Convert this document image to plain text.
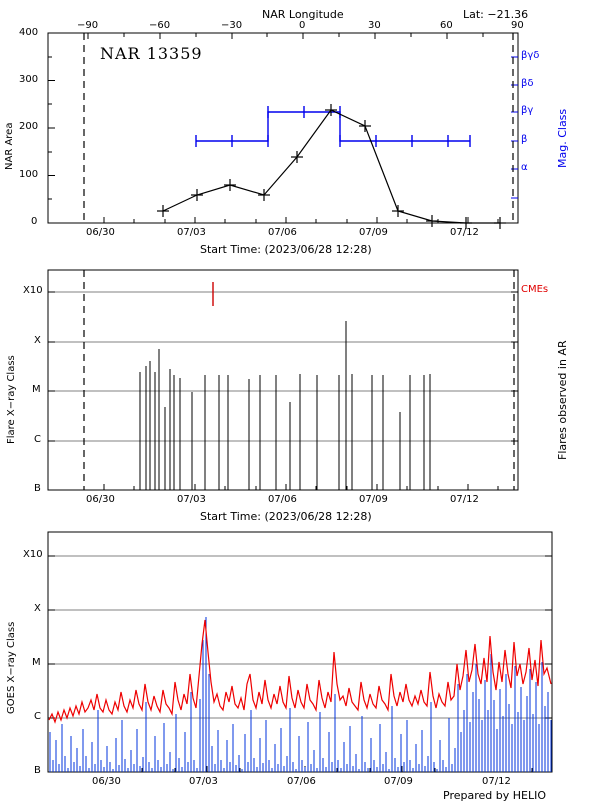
NAR Longitude	Lat: −21.36
−90	−60	−30	0	30	60	90
0
100
200
300
400
NAR Area
βγδ
βδ
βγ
β
α	Mag. Class
NAR 13359
06/30	07/03	07/06	07/09	07/12
Start Time: (2023/06/28 12:28)
B
C
M
X
X10
Flare X−ray Class	Flares observed in AR
CMEs
06/30	07/03	07/06	07/09	07/12
Start Time: (2023/06/28 12:28)
B
C
M
X
X10
GOES X−ray Class
06/30	07/03	07/06	07/09	07/12
Prepared by HELIO
